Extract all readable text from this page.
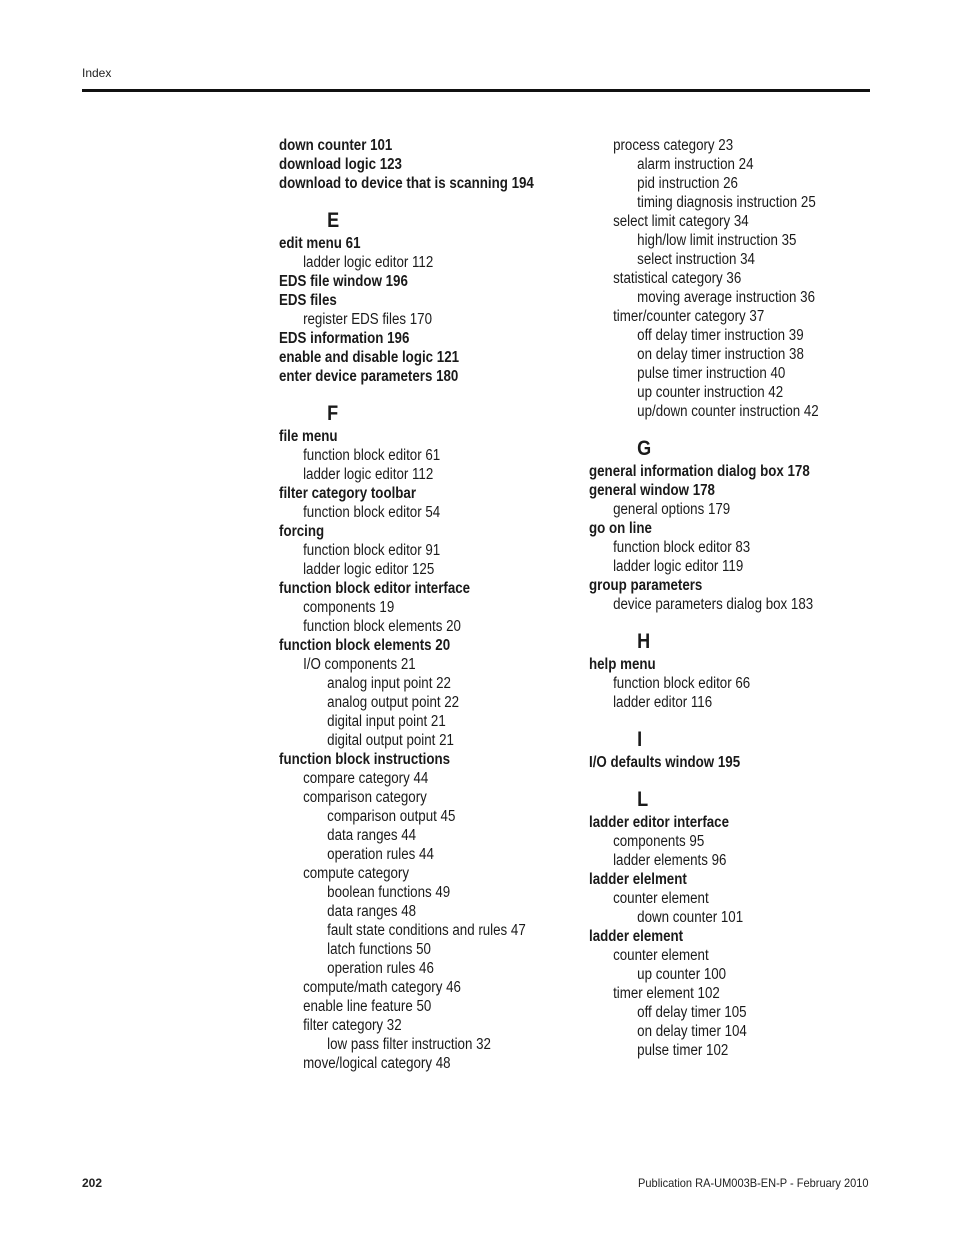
Index
down counter 101
download logic 123
download to device that is scanning 194
E
edit menu 61
ladder logic editor 112
EDS file window 196
EDS files
register EDS files 170
EDS information 196
enable and disable logic 121
enter device parameters 180
F
file menu
function block editor 61
ladder logic editor 112
filter category toolbar
function block editor 54
forcing
function block editor 91
ladder logic editor 125
function block editor interface
components 19
function block elements 20
function block elements 20
I/O components 21
analog input point 22
analog output point 22
digital input point 21
digital output point 21
function block instructions
compare category 44
comparison category
comparison output 45
data ranges 44
operation rules 44
compute category
boolean functions 49
data ranges 48
fault state conditions and rules 47
latch functions 50
operation rules 46
compute/math category 46
enable line feature 50
filter category 32
low pass filter instruction 32
move/logical category 48
process category 23
alarm instruction 24
pid instruction 26
timing diagnosis instruction 25
select limit category 34
high/low limit instruction 35
select instruction 34
statistical category 36
moving average instruction 36
timer/counter category 37
off delay timer instruction 39
on delay timer instruction 38
pulse timer instruction 40
up counter instruction 42
up/down counter instruction 42
G
general information dialog box 178
general window 178
general options 179
go on line
function block editor 83
ladder logic editor 119
group parameters
device parameters dialog box 183
H
help menu
function block editor 66
ladder editor 116
I
I/O defaults window 195
L
ladder editor interface
components 95
ladder elements 96
ladder elelment
counter element
down counter 101
ladder element
counter element
up counter 100
timer element 102
off delay timer 105
on delay timer 104
pulse timer 102
202	Publication RA-UM003B-EN-P - February 2010
